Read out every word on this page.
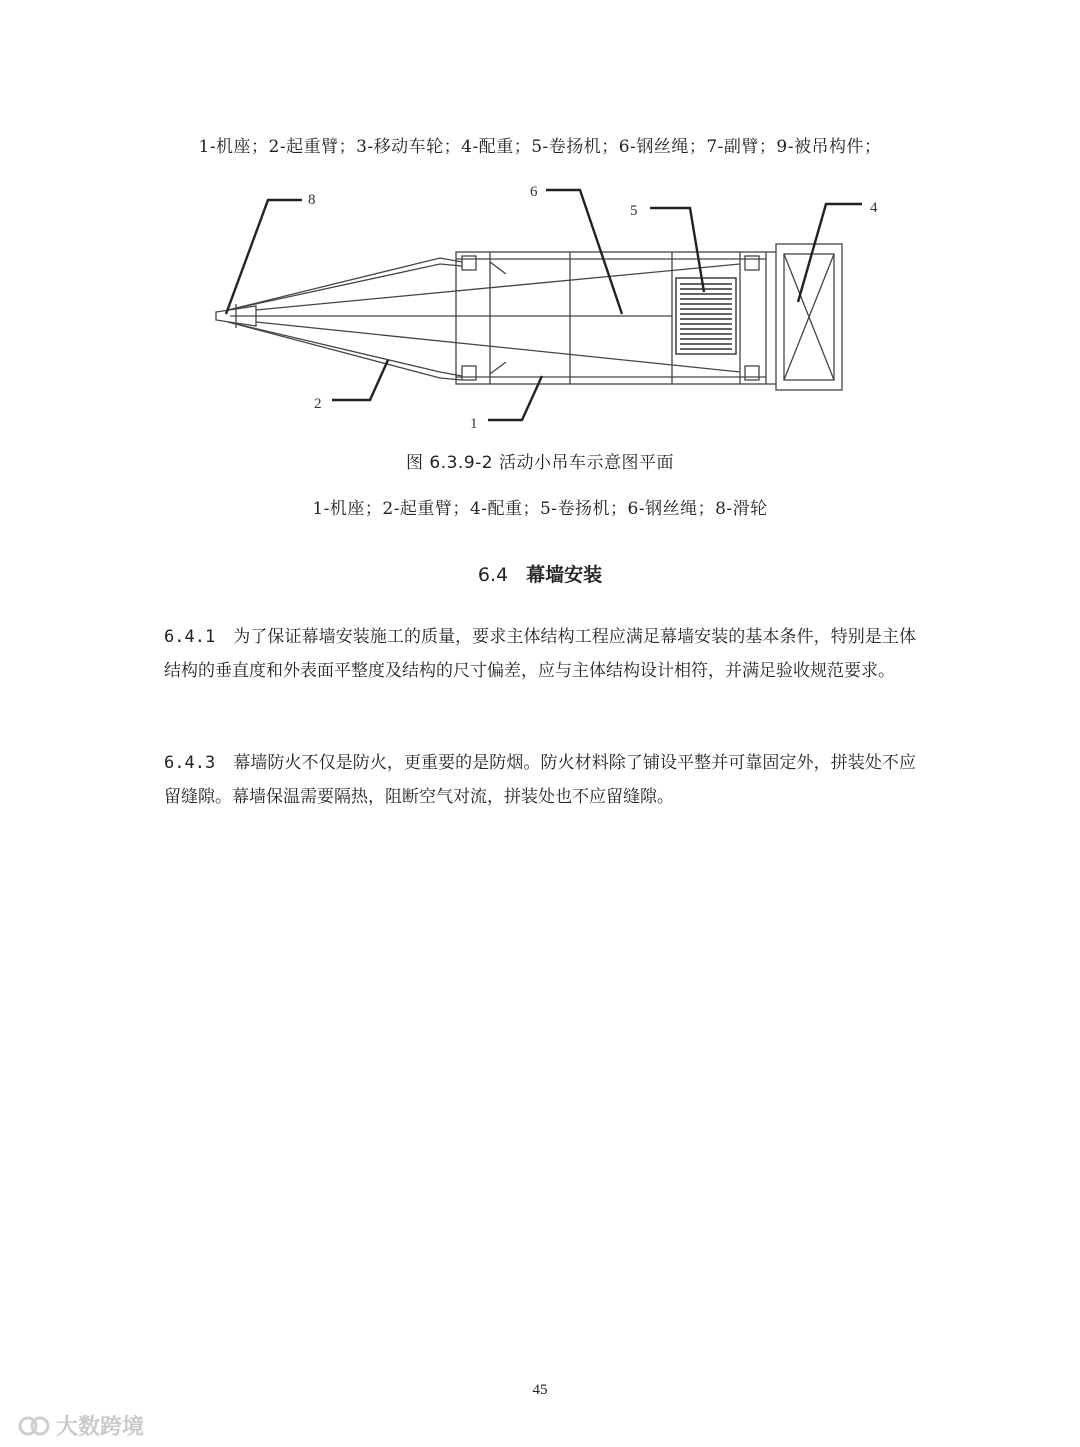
1-机座；2-起重臂；3-移动车轮；4-配重；5-卷扬机；6-钢丝绳；7-副臂；9-被吊构件；
8	6
5	4
2
1
图 6.3.9-2 活动小吊车示意图平面
1-机座；2-起重臂；4-配重；5-卷扬机；6-钢丝绳；8-滑轮
6.4 幕墙安装
6.4.1 为了保证幕墙安装施工的质量，要求主体结构工程应满足幕墙安装的基本条件，特别是主体结构的垂直度和外表面平整度及结构的尺寸偏差，应与主体结构设计相符，并满足验收规范要求。
6.4.3 幕墙防火不仅是防火，更重要的是防烟。防火材料除了铺设平整并可靠固定外，拼装处不应留缝隙。幕墙保温需要隔热，阻断空气对流，拼装处也不应留缝隙。
45
大数跨境
